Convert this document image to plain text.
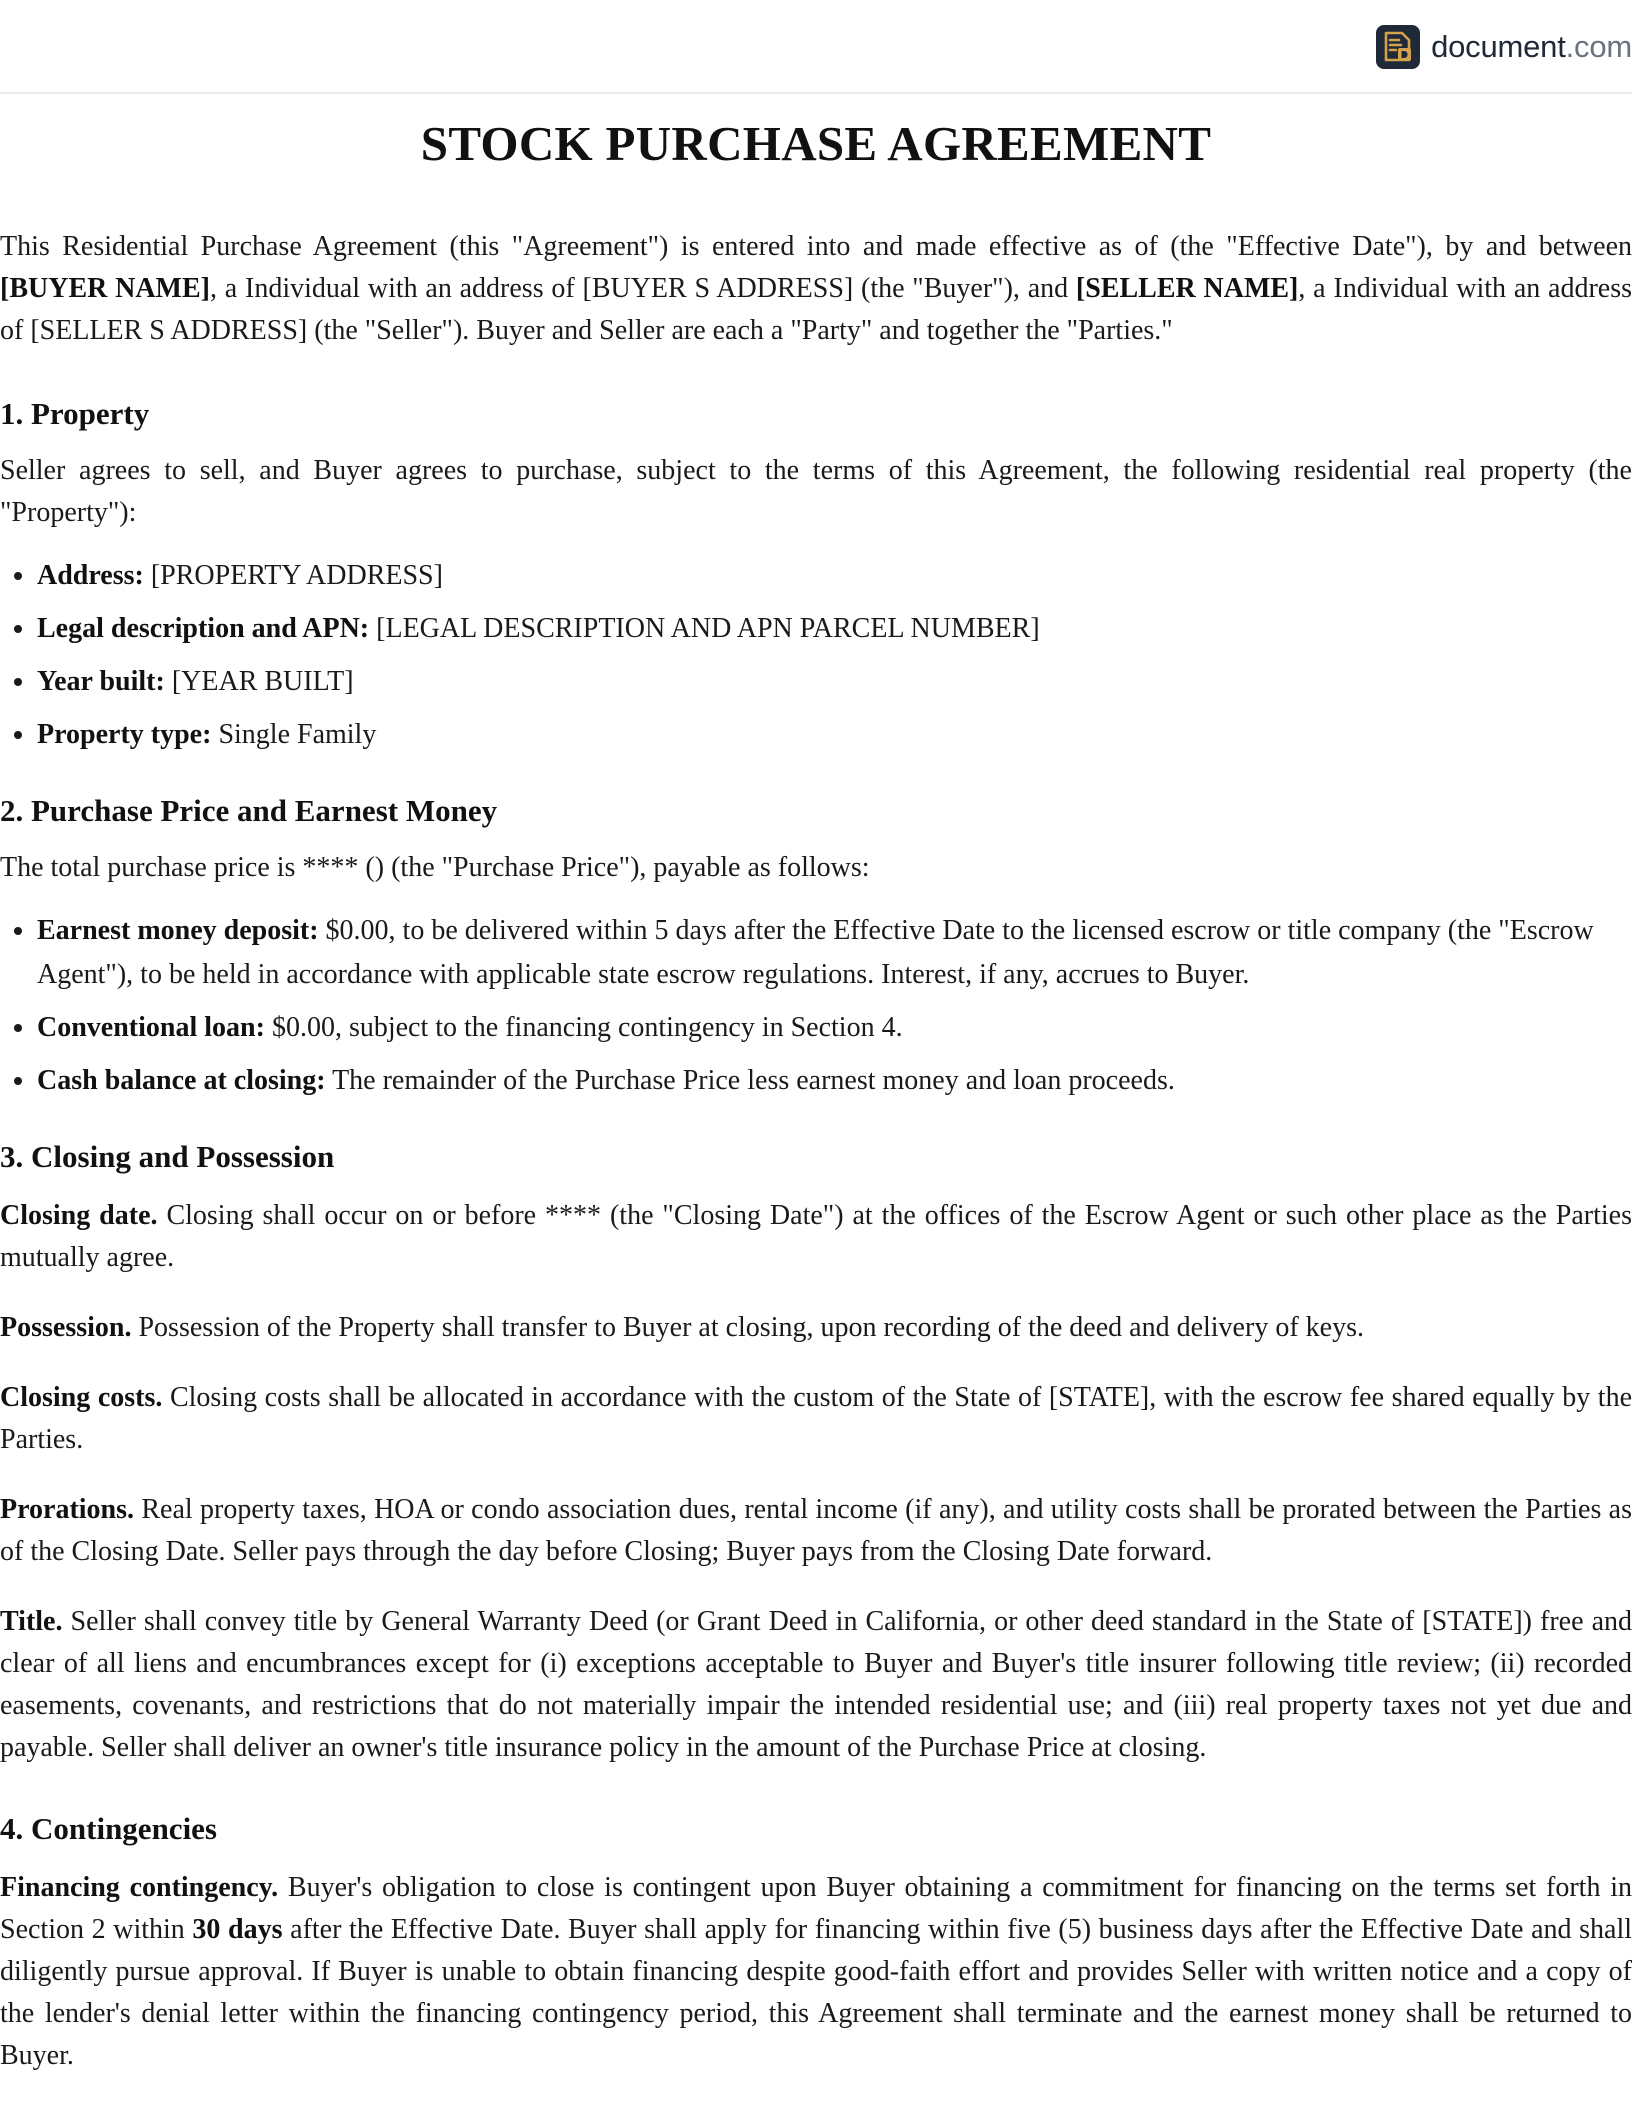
document.com
STOCK PURCHASE AGREEMENT

This Residential Purchase Agreement (this "Agreement") is entered into and made effective as of (the "Effective Date"), by and between [BUYER NAME], a Individual with an address of [BUYER S ADDRESS] (the "Buyer"), and [SELLER NAME], a Individual with an address of [SELLER S ADDRESS] (the "Seller"). Buyer and Seller are each a "Party" and together the "Parties."

1. Property

Seller agrees to sell, and Buyer agrees to purchase, subject to the terms of this Agreement, the following residential real property (the "Property"):

• Address: [PROPERTY ADDRESS]
• Legal description and APN: [LEGAL DESCRIPTION AND APN PARCEL NUMBER]
• Year built: [YEAR BUILT]
• Property type: Single Family
2. Purchase Price and Earnest Money

The total purchase price is **** () (the "Purchase Price"), payable as follows:

• Earnest money deposit: $0.00, to be delivered within 5 days after the Effective Date to the licensed escrow or title company (the "Escrow Agent"), to be held in accordance with applicable state escrow regulations. Interest, if any, accrues to Buyer.
• Conventional loan: $0.00, subject to the financing contingency in Section 4.
• Cash balance at closing: The remainder of the Purchase Price less earnest money and loan proceeds.
3. Closing and Possession

Closing date. Closing shall occur on or before **** (the "Closing Date") at the offices of the Escrow Agent or such other place as the Parties mutually agree.

Possession. Possession of the Property shall transfer to Buyer at closing, upon recording of the deed and delivery of keys.

Closing costs. Closing costs shall be allocated in accordance with the custom of the State of [STATE], with the escrow fee shared equally by the Parties.

Prorations. Real property taxes, HOA or condo association dues, rental income (if any), and utility costs shall be prorated between the Parties as of the Closing Date. Seller pays through the day before Closing; Buyer pays from the Closing Date forward.

Title. Seller shall convey title by General Warranty Deed (or Grant Deed in California, or other deed standard in the State of [STATE]) free and clear of all liens and encumbrances except for (i) exceptions acceptable to Buyer and Buyer's title insurer following title review; (ii) recorded easements, covenants, and restrictions that do not materially impair the intended residential use; and (iii) real property taxes not yet due and payable. Seller shall deliver an owner's title insurance policy in the amount of the Purchase Price at closing.

4. Contingencies

Financing contingency. Buyer's obligation to close is contingent upon Buyer obtaining a commitment for financing on the terms set forth in Section 2 within 30 days after the Effective Date. Buyer shall apply for financing within five (5) business days after the Effective Date and shall diligently pursue approval. If Buyer is unable to obtain financing despite good-faith effort and provides Seller with written notice and a copy of the lender's denial letter within the financing contingency period, this Agreement shall terminate and the earnest money shall be returned to Buyer.
